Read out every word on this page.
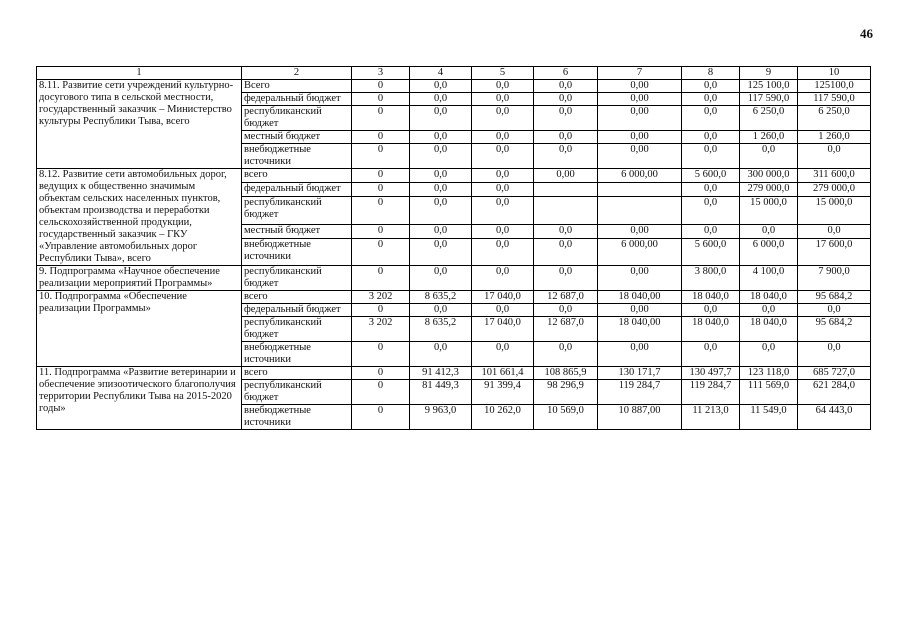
46
1	2	3	4	5	6	7	8	9	10
8.11. Развитие сети учреждений культурно-досугового типа в сельской местности, государственный заказчик – Министерство культуры Республики Тыва, всего	Всего	0	0,0	0,0	0,0	0,00	0,0	125 100,0	125100,0
	федеральный бюджет	0	0,0	0,0	0,0	0,00	0,0	117 590,0	117 590,0
	республиканский бюджет	0	0,0	0,0	0,0	0,00	0,0	6 250,0	6 250,0
	местный бюджет	0	0,0	0,0	0,0	0,00	0,0	1 260,0	1 260,0
	внебюджетные источники	0	0,0	0,0	0,0	0,00	0,0	0,0	0,0
8.12. Развитие сети автомобильных дорог, ведущих к общественно значимым объектам сельских населенных пунктов, объектам производства и переработки сельскохозяйственной продукции, государственный заказчик – ГКУ «Управление автомобильных дорог Республики Тыва», всего	всего	0	0,0	0,0	0,00	6 000,00	5 600,0	300 000,0	311 600,0
	федеральный бюджет	0	0,0	0,0			0,0	279 000,0	279 000,0
	республиканский бюджет	0	0,0	0,0			0,0	15 000,0	15 000,0
	местный бюджет	0	0,0	0,0	0,0	0,00	0,0	0,0	0,0
	внебюджетные источники	0	0,0	0,0	0,0	6 000,00	5 600,0	6 000,0	17 600,0
9. Подпрограмма «Научное обеспечение реализации мероприятий Программы»	республиканский бюджет	0	0,0	0,0	0,0	0,00	3 800,0	4 100,0	7 900,0
10. Подпрограмма «Обеспечение реализации Программы»	всего	3 202	8 635,2	17 040,0	12 687,0	18 040,00	18 040,0	18 040,0	95 684,2
	федеральный бюджет	0	0,0	0,0	0,0	0,00	0,0	0,0	0,0
	республиканский бюджет	3 202	8 635,2	17 040,0	12 687,0	18 040,00	18 040,0	18 040,0	95 684,2
	внебюджетные источники	0	0,0	0,0	0,0	0,00	0,0	0,0	0,0
11. Подпрограмма «Развитие ветеринарии и обеспечение эпизоотического благополучия территории Республики Тыва на 2015-2020 годы»	всего	0	91 412,3	101 661,4	108 865,9	130 171,7	130 497,7	123 118,0	685 727,0
	республиканский бюджет	0	81 449,3	91 399,4	98 296,9	119 284,7	119 284,7	111 569,0	621 284,0
	внебюджетные источники	0	9 963,0	10 262,0	10 569,0	10 887,00	11 213,0	11 549,0	64 443,0
